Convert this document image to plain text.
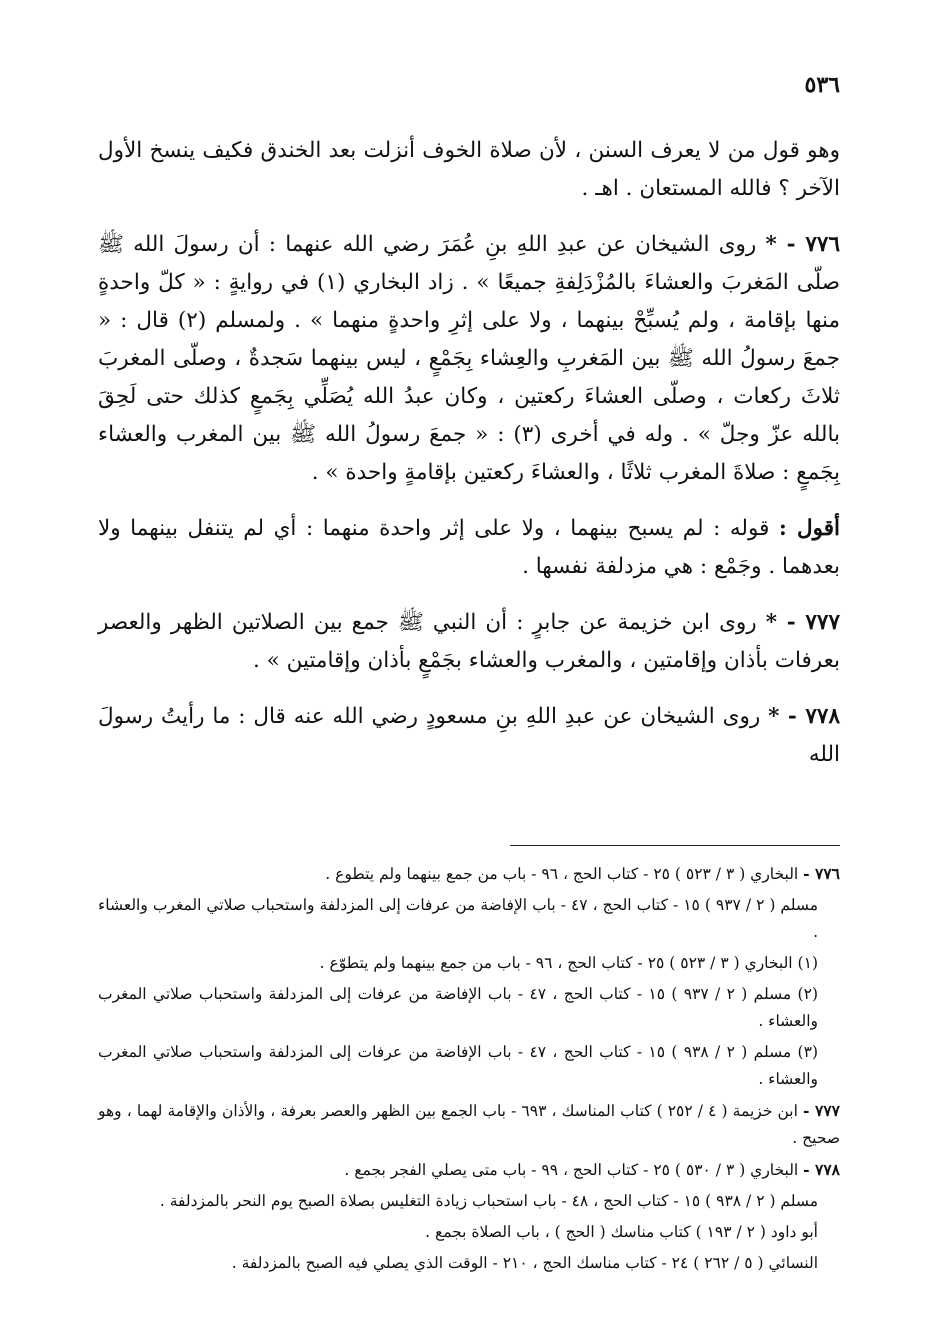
٥٣٦

وهو قول من لا يعرف السنن ، لأن صلاة الخوف أنزلت بعد الخندق فكيف ينسخ الأول الآخر ؟ فالله المستعان . اهـ .

٧٧٦ - * روى الشيخان عن عبدِ اللهِ بنِ عُمَرَ رضي الله عنهما : أن رسولَ الله ﷺ صلّى المَغربَ والعشاءَ بالمُزْدَلِفةِ جميعًا » . زاد البخاري (١) في روايةٍ : « كلّ واحدةٍ منها بإقامة ، ولم يُسبِّحْ بينهما ، ولا على إثرِ واحدةٍ منهما » . ولمسلم (٢) قال : « جمعَ رسولُ الله ﷺ بين المَغربِ والعِشاء بِجَمْعٍ ، ليس بينهما سَجدةٌ ، وصلّى المغربَ ثلاثَ ركعات ، وصلّى العشاءَ ركعتين ، وكان عبدُ الله يُصَلِّي بِجَمعٍ كذلك حتى لَحِقَ بالله عزّ وجلّ » . وله في أخرى (٣) : « جمعَ رسولُ الله ﷺ بين المغرب والعشاء بِجَمعٍ : صلاةَ المغرب ثلاثًا ، والعشاءَ ركعتين بإقامةٍ واحدة » .

أقول : قوله : لم يسبح بينهما ، ولا على إثر واحدة منهما : أي لم يتنفل بينهما ولا بعدهما . وجَمْع : هي مزدلفة نفسها .

٧٧٧ - * روى ابن خزيمة عن جابرٍ : أن النبي ﷺ جمع بين الصلاتين الظهر والعصر بعرفات بأذان وإقامتين ، والمغرب والعشاء بجَمْعٍ بأذان وإقامتين » .

٧٧٨ - * روى الشيخان عن عبدِ اللهِ بنِ مسعودٍ رضي الله عنه قال : ما رأيتُ رسولَ الله

٧٧٦ - البخاري ( ٣ / ٥٢٣ ) ٢٥ - كتاب الحج ، ٩٦ - باب من جمع بينهما ولم يتطوع .

مسلم ( ٢ / ٩٣٧ ) ١٥ - كتاب الحج ، ٤٧ - باب الإفاضة من عرفات إلى المزدلفة واستحباب صلاتي المغرب والعشاء .

(١) البخاري ( ٣ / ٥٢٣ ) ٢٥ - كتاب الحج ، ٩٦ - باب من جمع بينهما ولم يتطوّع .

(٢) مسلم ( ٢ / ٩٣٧ ) ١٥ - كتاب الحج ، ٤٧ - باب الإفاضة من عرفات إلى المزدلفة واستحباب صلاتي المغرب والعشاء .

(٣) مسلم ( ٢ / ٩٣٨ ) ١٥ - كتاب الحج ، ٤٧ - باب الإفاضة من عرفات إلى المزدلفة واستحباب صلاتي المغرب والعشاء .

٧٧٧ - ابن خزيمة ( ٤ / ٢٥٢ ) كتاب المناسك ، ٦٩٣ - باب الجمع بين الظهر والعصر بعرفة ، والأذان والإقامة لهما ، وهو صحيح .

٧٧٨ - البخاري ( ٣ / ٥٣٠ ) ٢٥ - كتاب الحج ، ٩٩ - باب متى يصلي الفجر بجمع .

مسلم ( ٢ / ٩٣٨ ) ١٥ - كتاب الحج ، ٤٨ - باب استحباب زيادة التغليس بصلاة الصبح يوم النحر بالمزدلفة .

أبو داود ( ٢ / ١٩٣ ) كتاب مناسك ( الحج ) ، باب الصلاة بجمع .

النسائي ( ٥ / ٢٦٢ ) ٢٤ - كتاب مناسك الحج ، ٢١٠ - الوقت الذي يصلي فيه الصبح بالمزدلفة .
